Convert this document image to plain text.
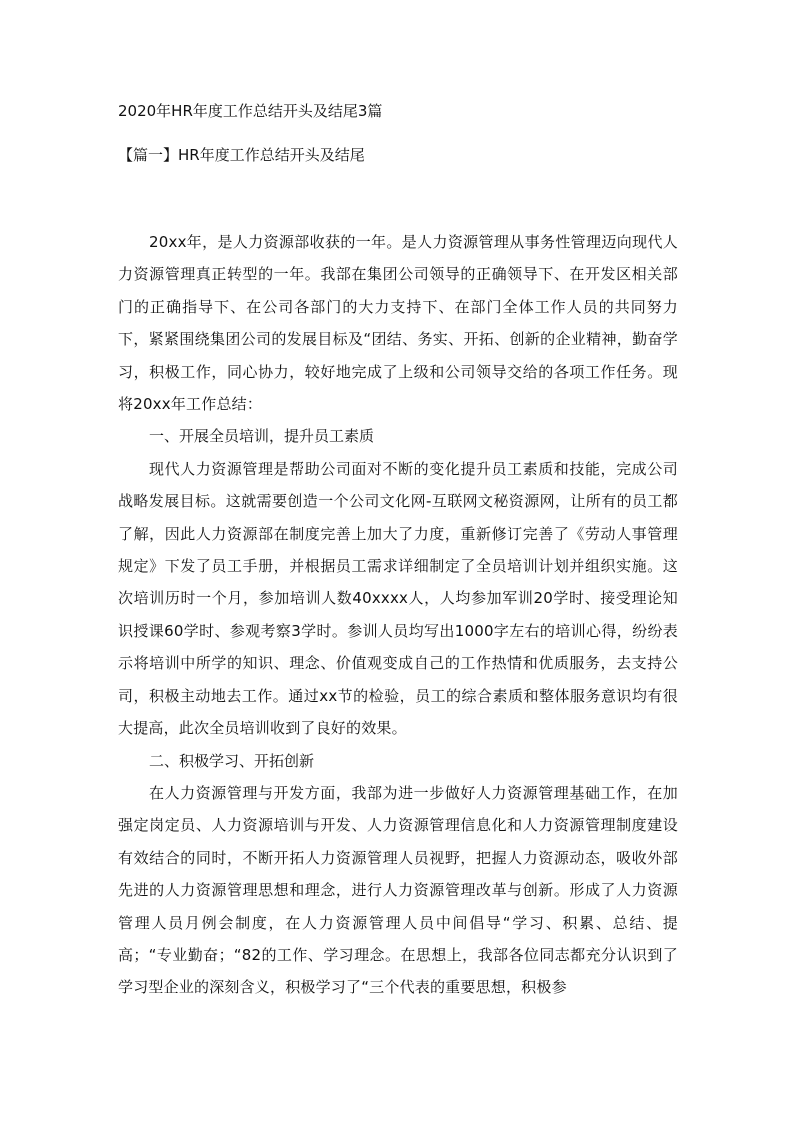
2020年HR年度工作总结开头及结尾3篇
【篇一】HR年度工作总结开头及结尾

20xx年，是人力资源部收获的一年。是人力资源管理从事务性管理迈向现代人力资源管理真正转型的一年。我部在集团公司领导的正确领导下、在开发区相关部门的正确指导下、在公司各部门的大力支持下、在部门全体工作人员的共同努力下，紧紧围绕集团公司的发展目标及“团结、务实、开拓、创新的企业精神，勤奋学习，积极工作，同心协力，较好地完成了上级和公司领导交给的各项工作任务。现将20xx年工作总结：

一、开展全员培训，提升员工素质

现代人力资源管理是帮助公司面对不断的变化提升员工素质和技能，完成公司战略发展目标。这就需要创造一个公司文化网-互联网文秘资源网，让所有的员工都了解，因此人力资源部在制度完善上加大了力度，重新修订完善了《劳动人事管理规定》下发了员工手册，并根据员工需求详细制定了全员培训计划并组织实施。这次培训历时一个月，参加培训人数40xxxx人，人均参加军训20学时、接受理论知识授课60学时、参观考察3学时。参训人员均写出1000字左右的培训心得，纷纷表示将培训中所学的知识、理念、价值观变成自己的工作热情和优质服务，去支持公司，积极主动地去工作。通过xx节的检验，员工的综合素质和整体服务意识均有很大提高，此次全员培训收到了良好的效果。

二、积极学习、开拓创新

在人力资源管理与开发方面，我部为进一步做好人力资源管理基础工作，在加强定岗定员、人力资源培训与开发、人力资源管理信息化和人力资源管理制度建设有效结合的同时，不断开拓人力资源管理人员视野，把握人力资源动态，吸收外部先进的人力资源管理思想和理念，进行人力资源管理改革与创新。形成了人力资源管理人员月例会制度，在人力资源管理人员中间倡导“学习、积累、总结、提高；“专业勤奋；“82的工作、学习理念。在思想上，我部各位同志都充分认识到了学习型企业的深刻含义，积极学习了“三个代表的重要思想，积极参
